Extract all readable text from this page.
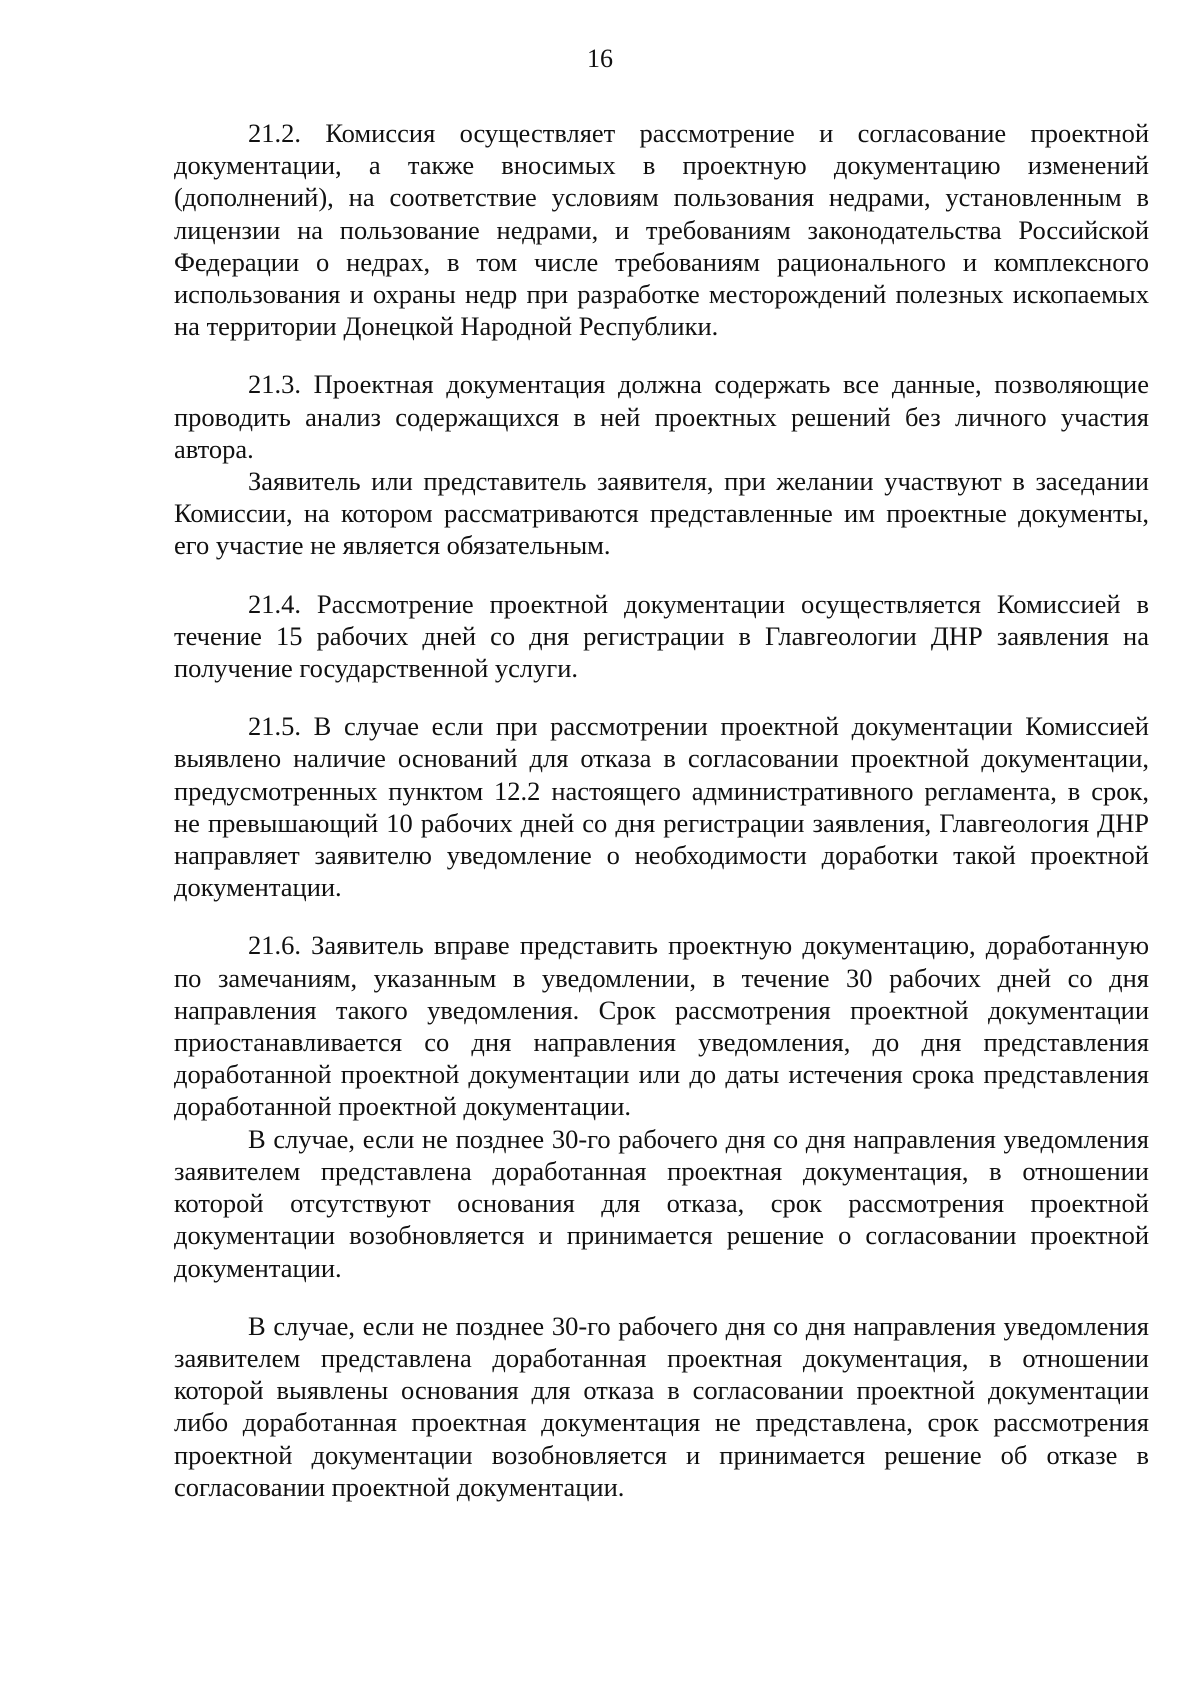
16

21.2. Комиссия осуществляет рассмотрение и согласование проектной документации, а также вносимых в проектную документацию изменений (дополнений), на соответствие условиям пользования недрами, установленным в лицензии на пользование недрами, и требованиям законодательства Российской Федерации о недрах, в том числе требованиям рационального и комплексного использования и охраны недр при разработке месторождений полезных ископаемых на территории Донецкой Народной Республики.

21.3. Проектная документация должна содержать все данные, позволяющие проводить анализ содержащихся в ней проектных решений без личного участия автора.

Заявитель или представитель заявителя, при желании участвуют в заседании Комиссии, на котором рассматриваются представленные им проектные документы, его участие не является обязательным.

21.4. Рассмотрение проектной документации осуществляется Комиссией в течение 15 рабочих дней со дня регистрации в Главгеологии ДНР заявления на получение государственной услуги.

21.5. В случае если при рассмотрении проектной документации Комиссией выявлено наличие оснований для отказа в согласовании проектной документации, предусмотренных пунктом 12.2 настоящего административного регламента, в срок, не превышающий 10 рабочих дней со дня регистрации заявления, Главгеология ДНР направляет заявителю уведомление о необходимости доработки такой проектной документации.

21.6. Заявитель вправе представить проектную документацию, доработанную по замечаниям, указанным в уведомлении, в течение 30 рабочих дней со дня направления такого уведомления. Срок рассмотрения проектной документации приостанавливается со дня направления уведомления, до дня представления доработанной проектной документации или до даты истечения срока представления доработанной проектной документации.

В случае, если не позднее 30-го рабочего дня со дня направления уведомления заявителем представлена доработанная проектная документация, в отношении которой отсутствуют основания для отказа, срок рассмотрения проектной документации возобновляется и принимается решение о согласовании проектной документации.

В случае, если не позднее 30-го рабочего дня со дня направления уведомления заявителем представлена доработанная проектная документация, в отношении которой выявлены основания для отказа в согласовании проектной документации либо доработанная проектная документация не представлена, срок рассмотрения проектной документации возобновляется и принимается решение об отказе в согласовании проектной документации.
